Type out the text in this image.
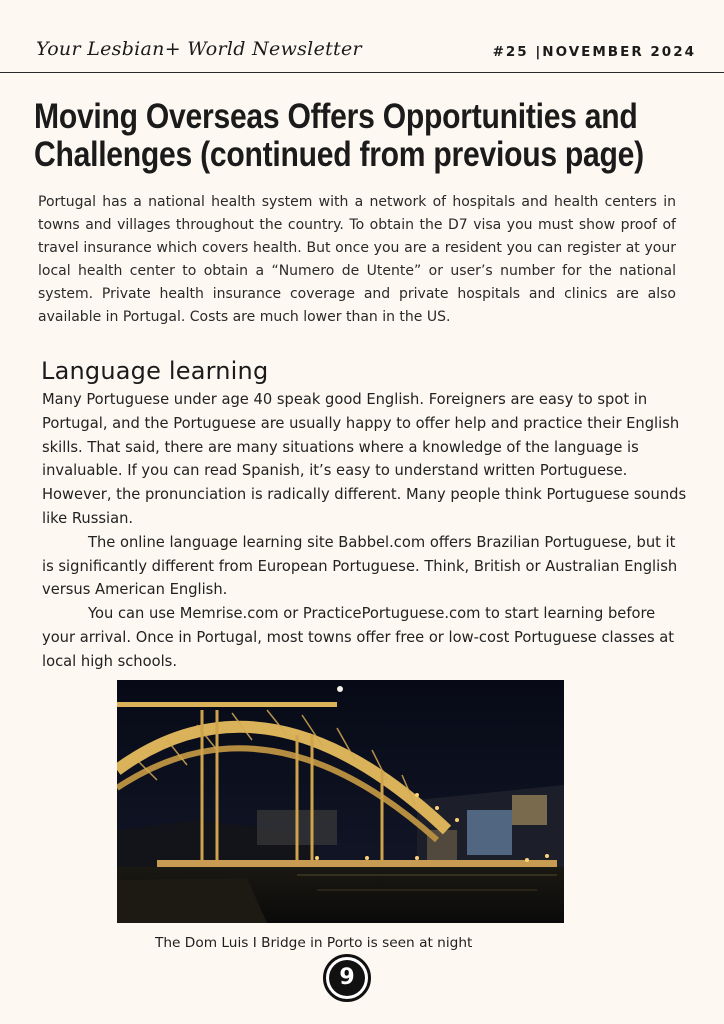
Your Lesbian+ World Newsletter	#25 |NOVEMBER 2024
Moving Overseas Offers Opportunities and
Challenges (continued from previous page)
Portugal has a national health system with a network of hospitals and health centers in towns and villages throughout the country. To obtain the D7 visa you must show proof of travel insurance which covers health. But once you are a resident you can register at your local health center to obtain a “Numero de Utente” or user’s number for the national system. Private health insurance coverage and private hospitals and clinics are also available in Portugal. Costs are much lower than in the US.
Language learning

Many Portuguese under age 40 speak good English. Foreigners are easy to spot in Portugal, and the Portuguese are usually happy to offer help and practice their English skills. That said, there are many situations where a knowledge of the language is invaluable. If you can read Spanish, it’s easy to understand written Portuguese. However, the pronunciation is radically different. Many people think Portuguese sounds like Russian.

The online language learning site Babbel.com offers Brazilian Portuguese, but it is significantly different from European Portuguese. Think, British or Australian English versus American English.

You can use Memrise.com or PracticePortuguese.com to start learning before your arrival. Once in Portugal, most towns offer free or low-cost Portuguese classes at local high schools.

The Dom Luis I Bridge in Porto is seen at night
9
